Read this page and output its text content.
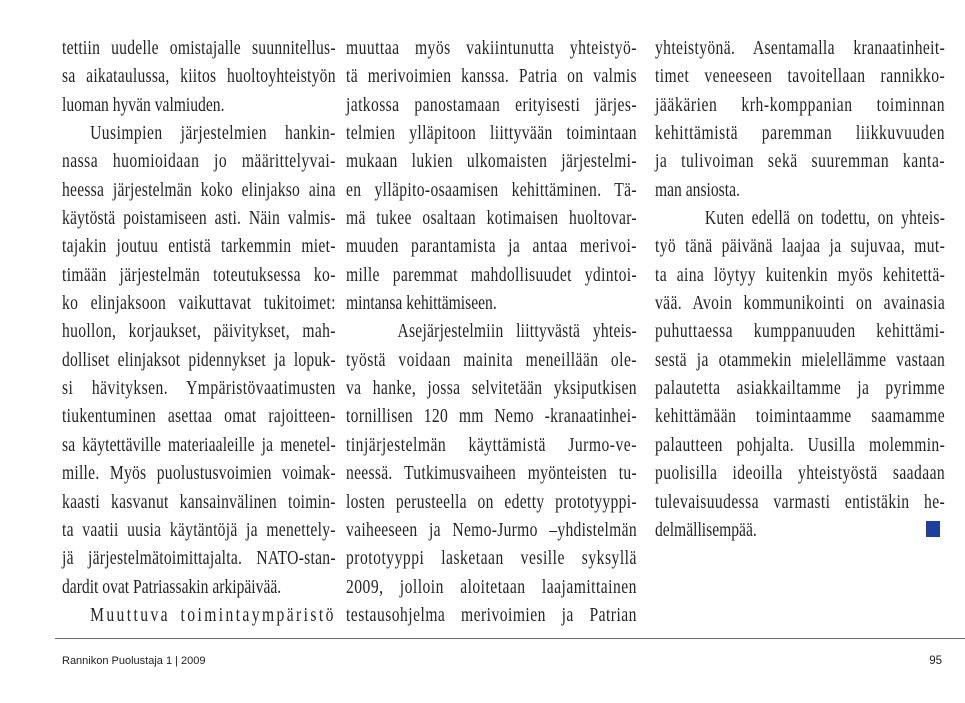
tettiin uudelle omistajalle suunnitellus-
sa aikataulussa, kiitos huoltoyhteistyön
luoman hyvän valmiuden.
Uusimpien järjestelmien hankin-
nassa huomioidaan jo määrittelyvai-
heessa järjestelmän koko elinjakso aina
käytöstä poistamiseen asti. Näin valmis-
tajakin joutuu entistä tarkemmin miet-
timään järjestelmän toteutuksessa ko-
ko elinjaksoon vaikuttavat tukitoimet:
huollon, korjaukset, päivitykset, mah-
dolliset elinjaksot pidennykset ja lopuk-
si hävityksen. Ympäristövaatimusten
tiukentuminen asettaa omat rajoitteen-
sa käytettäville materiaaleille ja menetel-
mille. Myös puolustusvoimien voimak-
kaasti kasvanut kansainvälinen toimin-
ta vaatii uusia käytäntöjä ja menettely-
jä järjestelmätoimittajalta. NATO-stan-
dardit ovat Patriassakin arkipäivää.
Muuttuva toimintaympäristö
muuttaa myös vakiintunutta yhteistyö-
tä merivoimien kanssa. Patria on valmis
jatkossa panostamaan erityisesti järjes-
telmien ylläpitoon liittyvään toimintaan
mukaan lukien ulkomaisten järjestelmi-
en ylläpito-osaamisen kehittäminen. Tä-
mä tukee osaltaan kotimaisen huoltovar-
muuden parantamista ja antaa merivoi-
mille paremmat mahdollisuudet ydintoi-
mintansa kehittämiseen.
Asejärjestelmiin liittyvästä yhteis-
työstä voidaan mainita meneillään ole-
va hanke, jossa selvitetään yksiputkisen
tornillisen 120 mm Nemo -kranaatinhei-
tinjärjestelmän käyttämistä Jurmo-ve-
neessä. Tutkimusvaiheen myönteisten tu-
losten perusteella on edetty prototyyppi-
vaiheeseen ja Nemo-Jurmo –yhdistelmän
prototyyppi lasketaan vesille syksyllä
2009, jolloin aloitetaan laajamittainen
testausohjelma merivoimien ja Patrian
yhteistyönä. Asentamalla kranaatinheit-
timet veneeseen tavoitellaan rannikko-
jääkärien krh-komppanian toiminnan
kehittämistä paremman liikkuvuuden
ja tulivoiman sekä suuremman kanta-
man ansiosta.
Kuten edellä on todettu, on yhteis-
työ tänä päivänä laajaa ja sujuvaa, mut-
ta aina löytyy kuitenkin myös kehitettä-
vää. Avoin kommunikointi on avainasia
puhuttaessa kumppanuuden kehittämi-
sestä ja otammekin mielellämme vastaan
palautetta asiakkailtamme ja pyrimme
kehittämään toimintaamme saamamme
palautteen pohjalta. Uusilla molemmin-
puolisilla ideoilla yhteistyöstä saadaan
tulevaisuudessa varmasti entistäkin he-
delmällisempää.
Rannikon Puolustaja 1 | 2009	95
